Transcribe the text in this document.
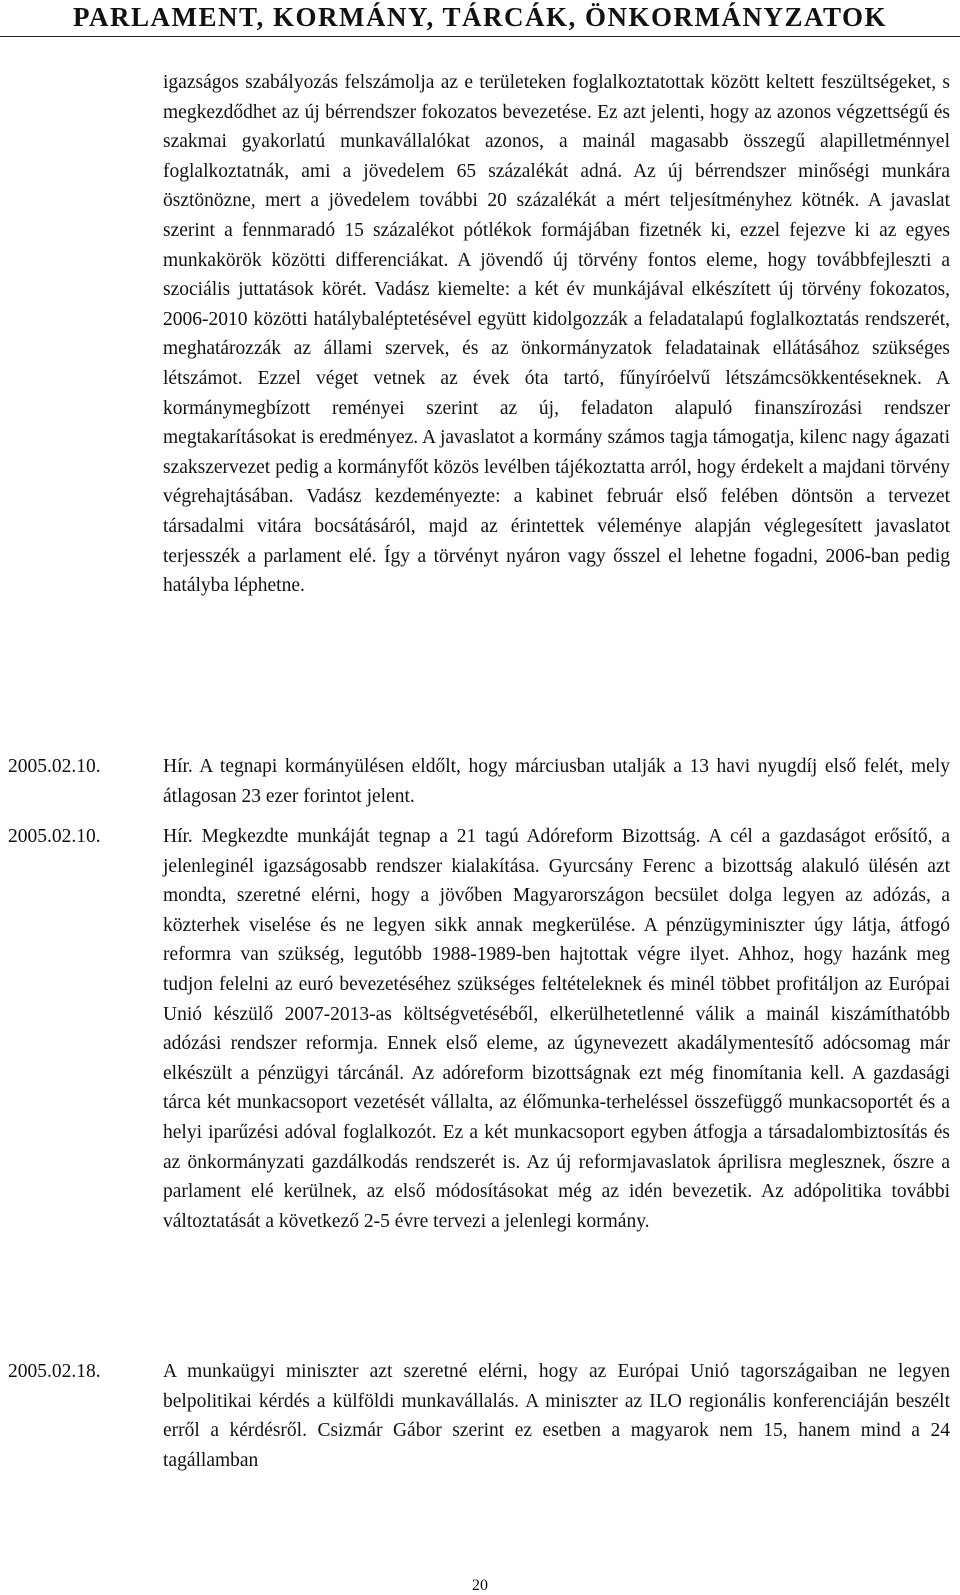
PARLAMENT, KORMÁNY, TÁRCÁK, ÖNKORMÁNYZATOK

igazságos szabályozás felszámolja az e területeken foglalkoztatottak között keltett feszültségeket, s megkezdődhet az új bérrendszer fokozatos bevezetése. Ez azt jelenti, hogy az azonos végzettségű és szakmai gyakorlatú munkavállalókat azonos, a mainál magasabb összegű alapilletménnyel foglalkoztatnák, ami a jövedelem 65 százalékát adná. Az új bérrendszer minőségi munkára ösztönözne, mert a jövedelem további 20 százalékát a mért teljesítményhez kötnék. A javaslat szerint a fennmaradó 15 százalékot pótlékok formájában fizetnék ki, ezzel fejezve ki az egyes munkakörök közötti differenciákat. A jövendő új törvény fontos eleme, hogy továbbfejleszti a szociális juttatások körét. Vadász kiemelte: a két év munkájával elkészített új törvény fokozatos, 2006-2010 közötti hatálybaléptetésével együtt kidolgozzák a feladatalapú foglalkoztatás rendszerét, meghatározzák az állami szervek, és az önkormányzatok feladatainak ellátásához szükséges létszámot. Ezzel véget vetnek az évek óta tartó, fűnyíróelvű létszámcsökkentéseknek. A kormánymegbízott reményei szerint az új, feladaton alapuló finanszírozási rendszer megtakarításokat is eredményez. A javaslatot a kormány számos tagja támogatja, kilenc nagy ágazati szakszervezet pedig a kormányfőt közös levélben tájékoztatta arról, hogy érdekelt a majdani törvény végrehajtásában. Vadász kezdeményezte: a kabinet február első felében döntsön a tervezet társadalmi vitára bocsátásáról, majd az érintettek véleménye alapján véglegesített javaslatot terjesszék a parlament elé. Így a törvényt nyáron vagy ősszel el lehetne fogadni, 2006-ban pedig hatályba léphetne.

2005.02.10.	Hír. A tegnapi kormányülésen eldőlt, hogy márciusban utalják a 13 havi nyugdíj első felét, mely átlagosan 23 ezer forintot jelent.

2005.02.10.	Hír. Megkezdte munkáját tegnap a 21 tagú Adóreform Bizottság. A cél a gazdaságot erősítő, a jelenleginél igazságosabb rendszer kialakítása. Gyurcsány Ferenc a bizottság alakuló ülésén azt mondta, szeretné elérni, hogy a jövőben Magyarországon becsület dolga legyen az adózás, a közterhek viselése és ne legyen sikk annak megkerülése. A pénzügyminiszter úgy látja, átfogó reformra van szükség, legutóbb 1988-1989-ben hajtottak végre ilyet. Ahhoz, hogy hazánk meg tudjon felelni az euró bevezetéséhez szükséges feltételeknek és minél többet profitáljon az Európai Unió készülő 2007-2013-as költségvetéséből, elkerülhetetlenné válik a mainál kiszámíthatóbb adózási rendszer reformja. Ennek első eleme, az úgynevezett akadálymentesítő adócsomag már elkészült a pénzügyi tárcánál. Az adóreform bizottságnak ezt még finomítania kell. A gazdasági tárca két munkacsoport vezetését vállalta, az élőmunka-terheléssel összefüggő munkacsoportét és a helyi iparűzési adóval foglalkozót. Ez a két munkacsoport egyben átfogja a társadalombiztosítás és az önkormányzati gazdálkodás rendszerét is. Az új reformjavaslatok áprilisra meglesznek, őszre a parlament elé kerülnek, az első módosításokat még az idén bevezetik. Az adópolitika további változtatását a következő 2-5 évre tervezi a jelenlegi kormány.

2005.02.18.	A munkaügyi miniszter azt szeretné elérni, hogy az Európai Unió tagországaiban ne legyen belpolitikai kérdés a külföldi munkavállalás. A miniszter az ILO regionális konferenciáján beszélt erről a kérdésről. Csizmár Gábor szerint ez esetben a magyarok nem 15, hanem mind a 24 tagállamban

20
